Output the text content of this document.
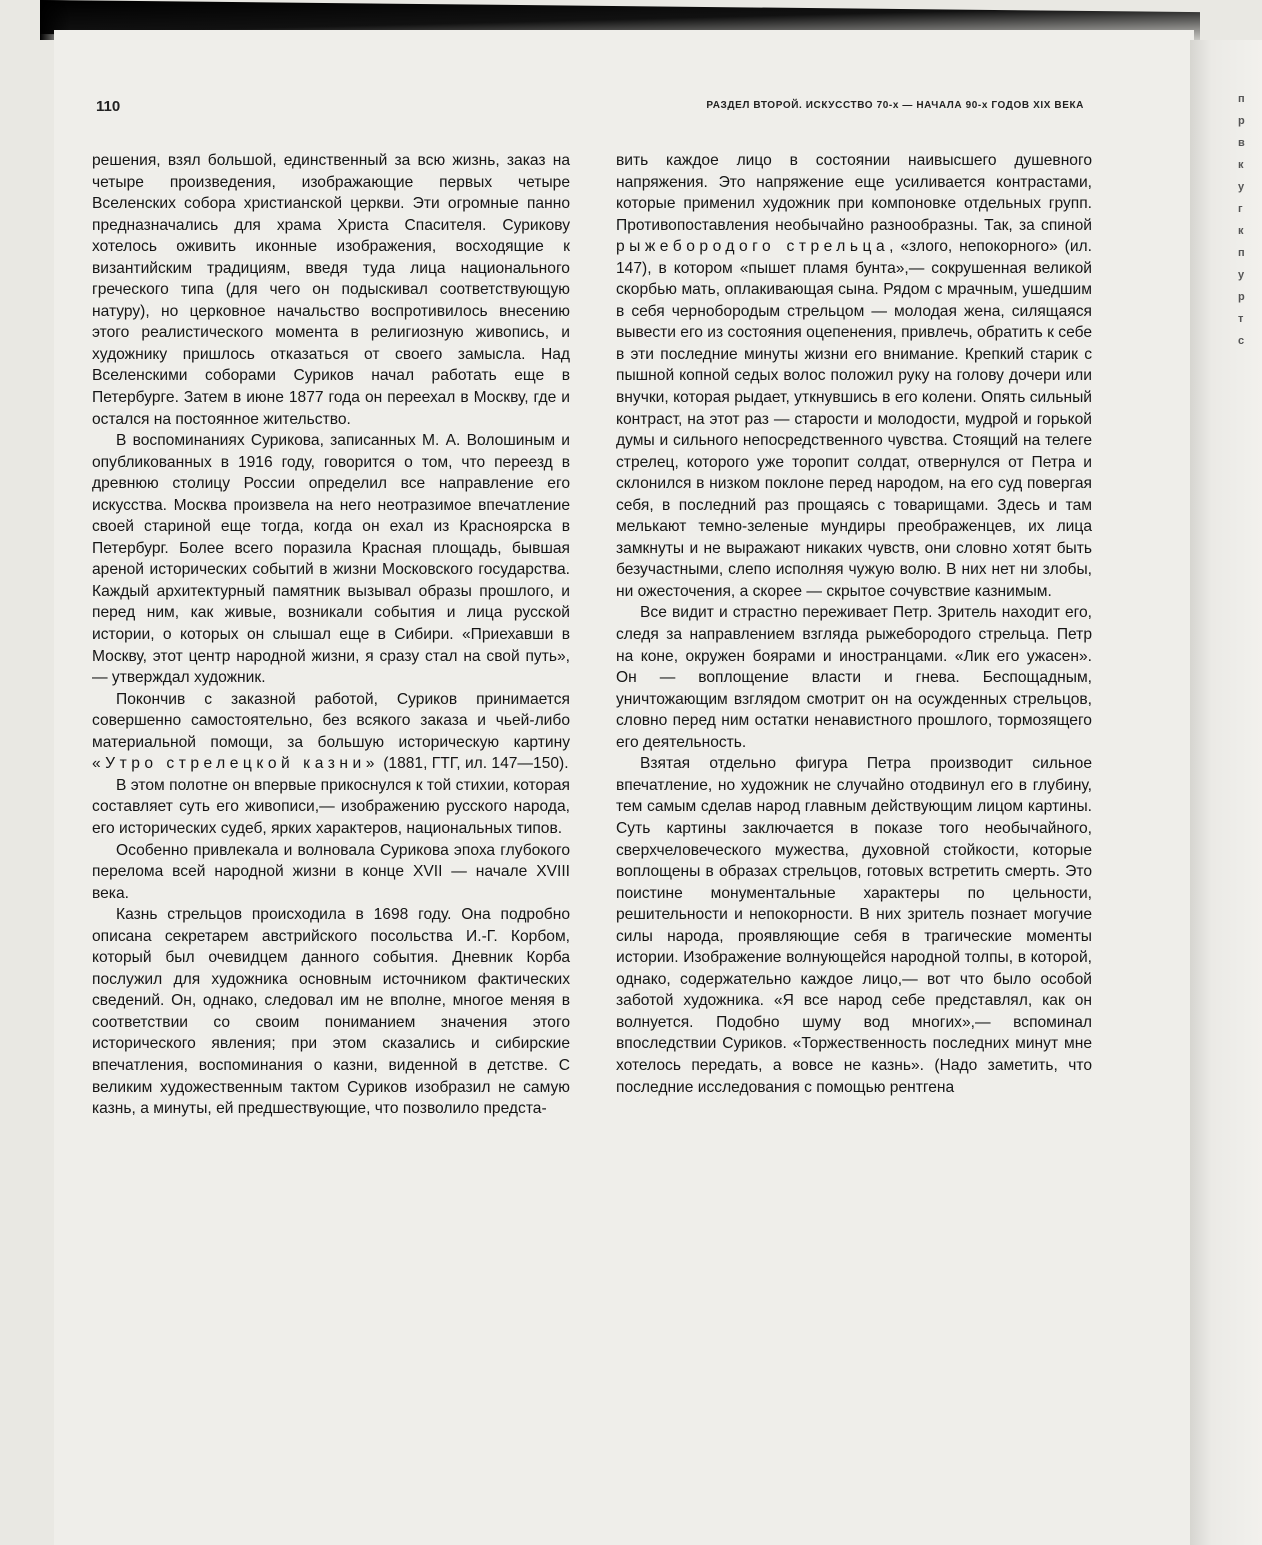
110	РАЗДЕЛ ВТОРОЙ. ИСКУССТВО 70-х — НАЧАЛА 90-х ГОДОВ XIX ВЕКА

решения, взял большой, единственный за всю жизнь, заказ на четыре произведения, изображающие первых четыре Вселенских собора христианской церкви. Эти огромные панно предназначались для храма Христа Спасителя. Сурикову хотелось оживить иконные изображения, восходящие к византийским традициям, введя туда лица национального греческого типа (для чего он подыскивал соответствующую натуру), но церковное начальство воспротивилось внесению этого реалистического момента в религиозную живопись, и художнику пришлось отказаться от своего замысла. Над Вселенскими соборами Суриков начал работать еще в Петербурге. Затем в июне 1877 года он переехал в Москву, где и остался на постоянное жительство.

В воспоминаниях Сурикова, записанных М. А. Волошиным и опубликованных в 1916 году, говорится о том, что переезд в древнюю столицу России определил все направление его искусства. Москва произвела на него неотразимое впечатление своей стариной еще тогда, когда он ехал из Красноярска в Петербург. Более всего поразила Красная площадь, бывшая ареной исторических событий в жизни Московского государства. Каждый архитектурный памятник вызывал образы прошлого, и перед ним, как живые, возникали события и лица русской истории, о которых он слышал еще в Сибири. «Приехавши в Москву, этот центр народной жизни, я сразу стал на свой путь»,— утверждал художник.

Покончив с заказной работой, Суриков принимается совершенно самостоятельно, без всякого заказа и чьей-либо материальной помощи, за большую историческую картину «Утро стрелецкой казни» (1881, ГТГ, ил. 147—150).

В этом полотне он впервые прикоснулся к той стихии, которая составляет суть его живописи,— изображению русского народа, его исторических судеб, ярких характеров, национальных типов.

Особенно привлекала и волновала Сурикова эпоха глубокого перелома всей народной жизни в конце XVII — начале XVIII века.

Казнь стрельцов происходила в 1698 году. Она подробно описана секретарем австрийского посольства И.-Г. Корбом, который был очевидцем данного события. Дневник Корба послужил для художника основным источником фактических сведений. Он, однако, следовал им не вполне, многое меняя в соответствии со своим пониманием значения этого исторического явления; при этом сказались и сибирские впечатления, воспоминания о казни, виденной в детстве. С великим художественным тактом Суриков изобразил не самую казнь, а минуты, ей предшествующие, что позволило предста-

вить каждое лицо в состоянии наивысшего душевного напряжения. Это напряжение еще усиливается контрастами, которые применил художник при компоновке отдельных групп. Противопоставления необычайно разнообразны. Так, за спиной рыжебородого стрельца, «злого, непокорного» (ил. 147), в котором «пышет пламя бунта»,— сокрушенная великой скорбью мать, оплакивающая сына. Рядом с мрачным, ушедшим в себя чернобородым стрельцом — молодая жена, силящаяся вывести его из состояния оцепенения, привлечь, обратить к себе в эти последние минуты жизни его внимание. Крепкий старик с пышной копной седых волос положил руку на голову дочери или внучки, которая рыдает, уткнувшись в его колени. Опять сильный контраст, на этот раз — старости и молодости, мудрой и горькой думы и сильного непосредственного чувства. Стоящий на телеге стрелец, которого уже торопит солдат, отвернулся от Петра и склонился в низком поклоне перед народом, на его суд повергая себя, в последний раз прощаясь с товарищами. Здесь и там мелькают темно-зеленые мундиры преображенцев, их лица замкнуты и не выражают никаких чувств, они словно хотят быть безучастными, слепо исполняя чужую волю. В них нет ни злобы, ни ожесточения, а скорее — скрытое сочувствие казнимым.

Все видит и страстно переживает Петр. Зритель находит его, следя за направлением взгляда рыжебородого стрельца. Петр на коне, окружен боярами и иностранцами. «Лик его ужасен». Он — воплощение власти и гнева. Беспощадным, уничтожающим взглядом смотрит он на осужденных стрельцов, словно перед ним остатки ненавистного прошлого, тормозящего его деятельность.

Взятая отдельно фигура Петра производит сильное впечатление, но художник не случайно отодвинул его в глубину, тем самым сделав народ главным действующим лицом картины. Суть картины заключается в показе того необычайного, сверхчеловеческого мужества, духовной стойкости, которые воплощены в образах стрельцов, готовых встретить смерть. Это поистине монументальные характеры по цельности, решительности и непокорности. В них зритель познает могучие силы народа, проявляющие себя в трагические моменты истории. Изображение волнующейся народной толпы, в которой, однако, содержательно каждое лицо,— вот что было особой заботой художника. «Я все народ себе представлял, как он волнуется. Подобно шуму вод многих»,— вспоминал впоследствии Суриков. «Торжественность последних минут мне хотелось передать, а вовсе не казнь». (Надо заметить, что последние исследования с помощью рентгена

п
р
в
к
у
г
к
п
у
р
т
с
